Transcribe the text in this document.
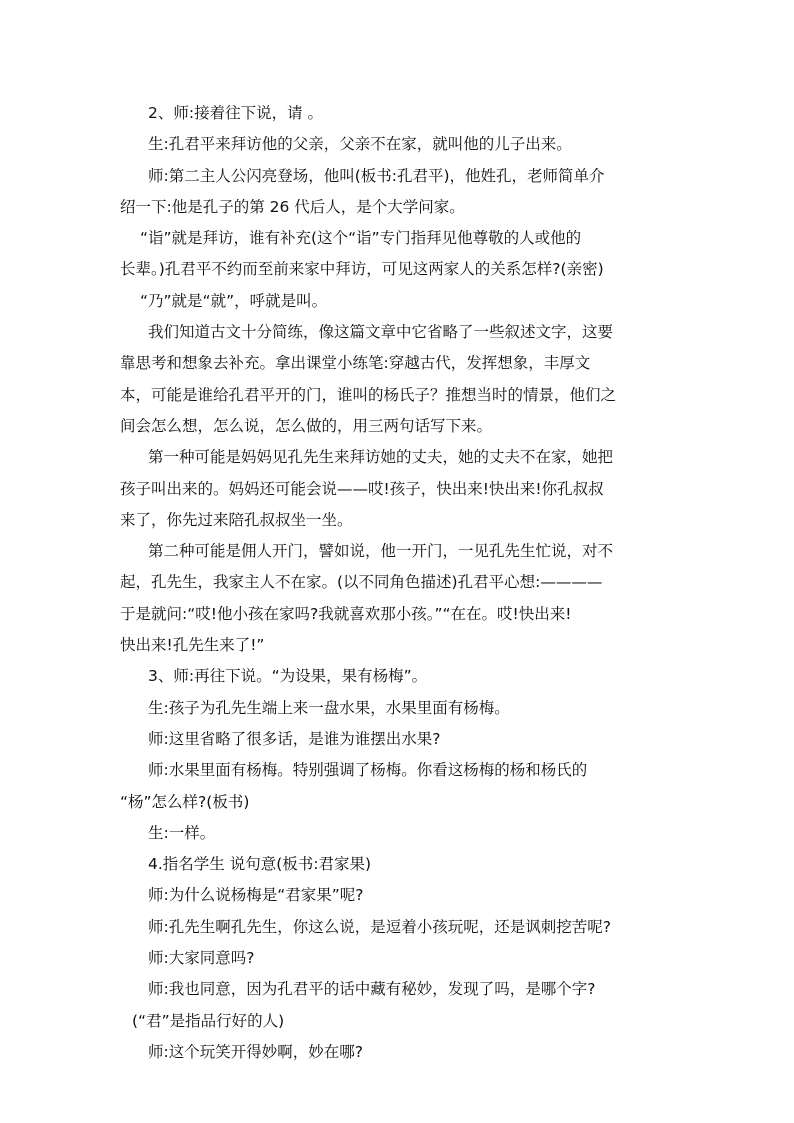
2、师:接着往下说，请 。
生:孔君平来拜访他的父亲，父亲不在家，就叫他的儿子出来。
师:第二主人公闪亮登场，他叫(板书:孔君平)，他姓孔，老师简单介
绍一下:他是孔子的第 26 代后人，是个大学问家。
“诣”就是拜访，谁有补充(这个“诣”专门指拜见他尊敬的人或他的
长辈。)孔君平不约而至前来家中拜访，可见这两家人的关系怎样?(亲密)
“乃”就是“就”，呼就是叫。
我们知道古文十分简练，像这篇文章中它省略了一些叙述文字，这要
靠思考和想象去补充。拿出课堂小练笔:穿越古代，发挥想象，丰厚文
本，可能是谁给孔君平开的门，谁叫的杨氏子？推想当时的情景，他们之
间会怎么想，怎么说，怎么做的，用三两句话写下来。
第一种可能是妈妈见孔先生来拜访她的丈夫，她的丈夫不在家，她把
孩子叫出来的。妈妈还可能会说——哎!孩子，快出来!快出来!你孔叔叔
来了，你先过来陪孔叔叔坐一坐。
第二种可能是佣人开门，譬如说，他一开门，一见孔先生忙说，对不
起，孔先生，我家主人不在家。(以不同角色描述)孔君平心想:————
于是就问:“哎!他小孩在家吗?我就喜欢那小孩。”“在在。哎!快出来!
快出来!孔先生来了!”
3、师:再往下说。“为设果，果有杨梅”。
生:孩子为孔先生端上来一盘水果，水果里面有杨梅。
师:这里省略了很多话，是谁为谁摆出水果?
师:水果里面有杨梅。特别强调了杨梅。你看这杨梅的杨和杨氏的
“杨”怎么样?(板书)
生:一样。
4.指名学生 说句意(板书:君家果)
师:为什么说杨梅是“君家果”呢?
师:孔先生啊孔先生，你这么说，是逗着小孩玩呢，还是讽刺挖苦呢?
师:大家同意吗?
师:我也同意，因为孔君平的话中藏有秘妙，发现了吗，是哪个字?
(“君”是指品行好的人)
师:这个玩笑开得妙啊，妙在哪?
